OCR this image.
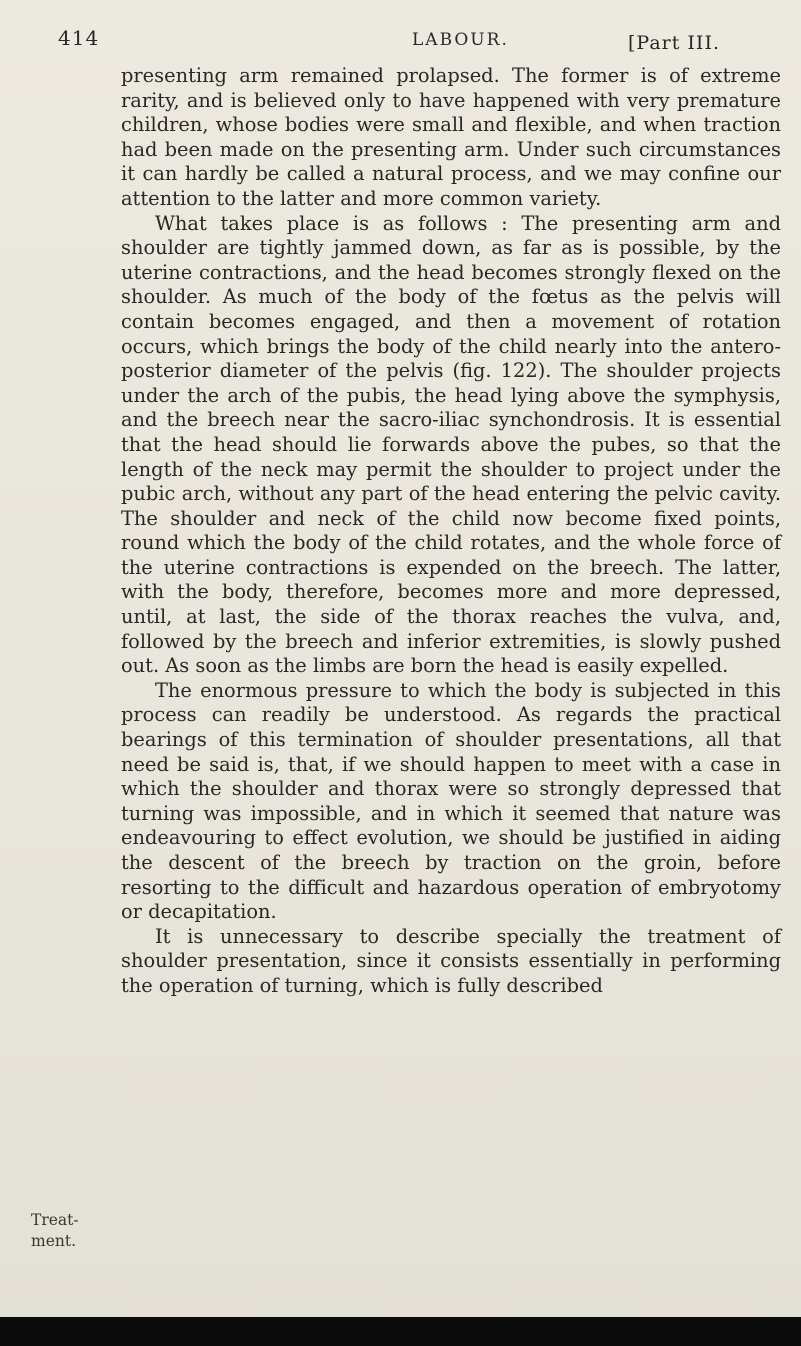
414	LABOUR.	[Part III.

presenting arm remained prolapsed. The former is of extreme rarity, and is believed only to have happened with very premature children, whose bodies were small and flexible, and when traction had been made on the presenting arm. Under such circumstances it can hardly be called a natural process, and we may confine our attention to the latter and more common variety.

What takes place is as follows : The presenting arm and shoulder are tightly jammed down, as far as is possible, by the uterine contractions, and the head becomes strongly flexed on the shoulder. As much of the body of the fœtus as the pelvis will contain becomes engaged, and then a movement of rotation occurs, which brings the body of the child nearly into the antero-posterior diameter of the pelvis (fig. 122). The shoulder projects under the arch of the pubis, the head lying above the symphysis, and the breech near the sacro-iliac synchondrosis. It is essential that the head should lie forwards above the pubes, so that the length of the neck may permit the shoulder to project under the pubic arch, without any part of the head entering the pelvic cavity. The shoulder and neck of the child now become fixed points, round which the body of the child rotates, and the whole force of the uterine contractions is expended on the breech. The latter, with the body, therefore, becomes more and more depressed, until, at last, the side of the thorax reaches the vulva, and, followed by the breech and inferior extremities, is slowly pushed out. As soon as the limbs are born the head is easily expelled.

The enormous pressure to which the body is subjected in this process can readily be understood. As regards the practical bearings of this termination of shoulder presentations, all that need be said is, that, if we should happen to meet with a case in which the shoulder and thorax were so strongly depressed that turning was impossible, and in which it seemed that nature was endeavouring to effect evolution, we should be justified in aiding the descent of the breech by traction on the groin, before resorting to the difficult and hazardous operation of embryotomy or decapitation.

It is unnecessary to describe specially the treatment of shoulder presentation, since it consists essentially in performing the operation of turning, which is fully described

Treat-
ment.
